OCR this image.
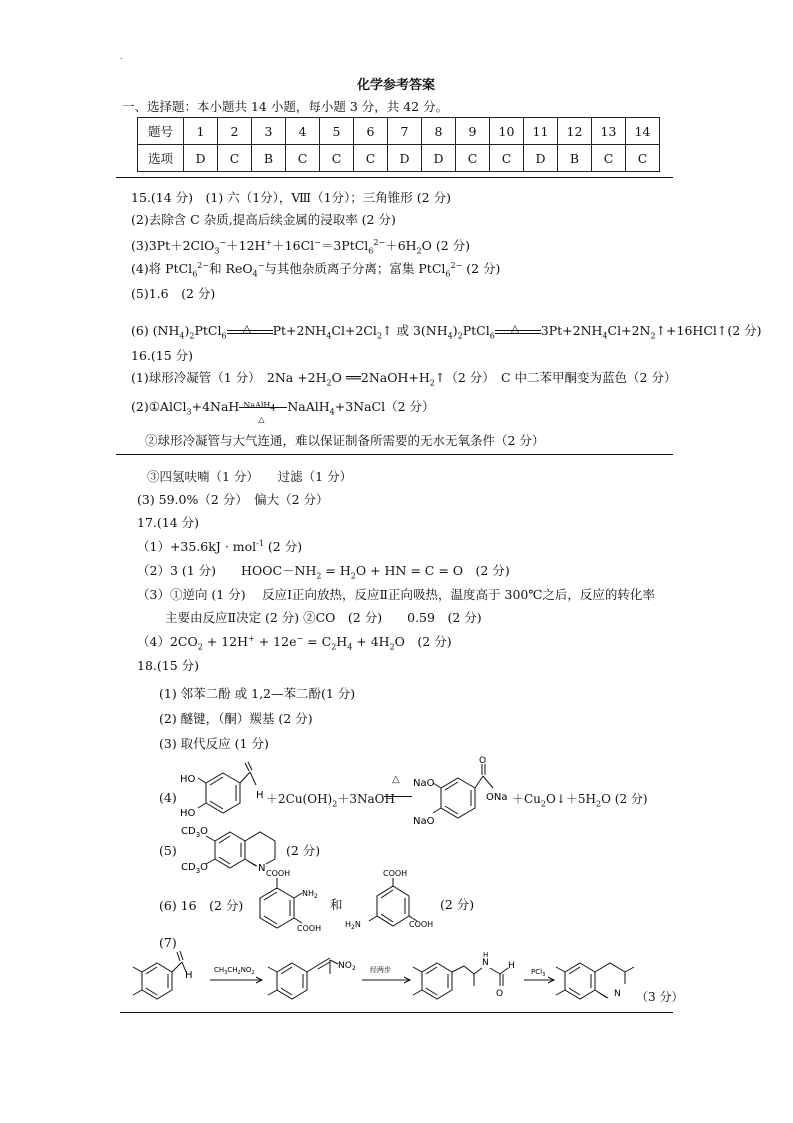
.
化学参考答案
一、选择题：本小题共 14 小题，每小题 3 分，共 42 分。
题号	1	2	3	4	5	6	7	8	9	10	11	12	13	14
选项	D	C	B	C	C	C	D	D	C	C	D	B	C	C
15.(14 分)　(1) 六（1分），Ⅷ（1分）；三角锥形 (2 分)
(2)去除含 C 杂质,提高后续金属的浸取率 (2 分)
$(3)3Pt+2ClO_3^-+12H^++16Cl^-=3PtCl_6^{2-}+6H_2O$ (2 分)
(4)将 PtCl$_6^{2-}$和 ReO$_4$−与其他杂质离子分离；富集 PtCl$_6^{2-}$ (2 分)
(5)1.6　(2 分)
(6) $(NH_4)_2PtCl_6$
△ $Pt+2NH_4Cl+2Cl_2↑$ 或 $3(NH_4)_2PtCl_6$
△ $3Pt+2NH_4Cl+2N_2↑+16HCl↑(2$ 分)
16.(15 分)
(1)球形冷凝管（1 分）　$2Na +2H_2O$ $══2NaOH+H_2↑(2$ 分）　C 中二苯甲酮变为蓝色（2 分）
(2)①AlCl$_3$+4NaH NaAlH$_4$
△
NaAlH$_4$+3NaCl（2 分）
②球形冷凝管与大气连通，难以保证制备所需要的无水无氧条件（2 分）
③四氢呋喃（1 分）　　过滤（1 分）
(3) 59.0%（2 分）　偏大（2 分）
17.(14 分)
（1）+35.6kJ · mol$^{-1}$ (2 分)
（2）3 (1 分)　　$HOOC-NH_2 = H_2O$ + HN = C = O　(2 分)
（3）①逆向 (1 分)　 反应Ⅰ正向放热，反应Ⅱ正向吸热，温度高于 300℃之后，反应的转化率
主要由反应Ⅱ决定 (2 分) ②CO　(2 分)　　0.59　(2 分)
$(4)2CO_2 + 12H^+ + 12e^- = C_2H_4 + 4H_2O$　(2 分)
18.(15 分)
(1) 邻苯二酚 或 1,2—苯二酚(1 分)
(2) 醚键，（酮）羰基 (2 分)
(3) 取代反应 (1 分)
(4)
HO
HO
$H +2Cu(OH)_2+3NaOH$
△ NaO
NaO
O
ONa $+Cu_2O↓+5H_2O$ (2 分)
(5)
$CD_3O$
$CD_3O$	N
(2 分)
(6) 16　(2 分)
COOH
$NH_2$
COOH
和
COOH
$H_2N$	COOH
(2 分)
(7)
H	$CH_3CH_2NO_2$
$NO_2$ 经两步
N
H
O
H
PCl$_3$
N （3 分）
